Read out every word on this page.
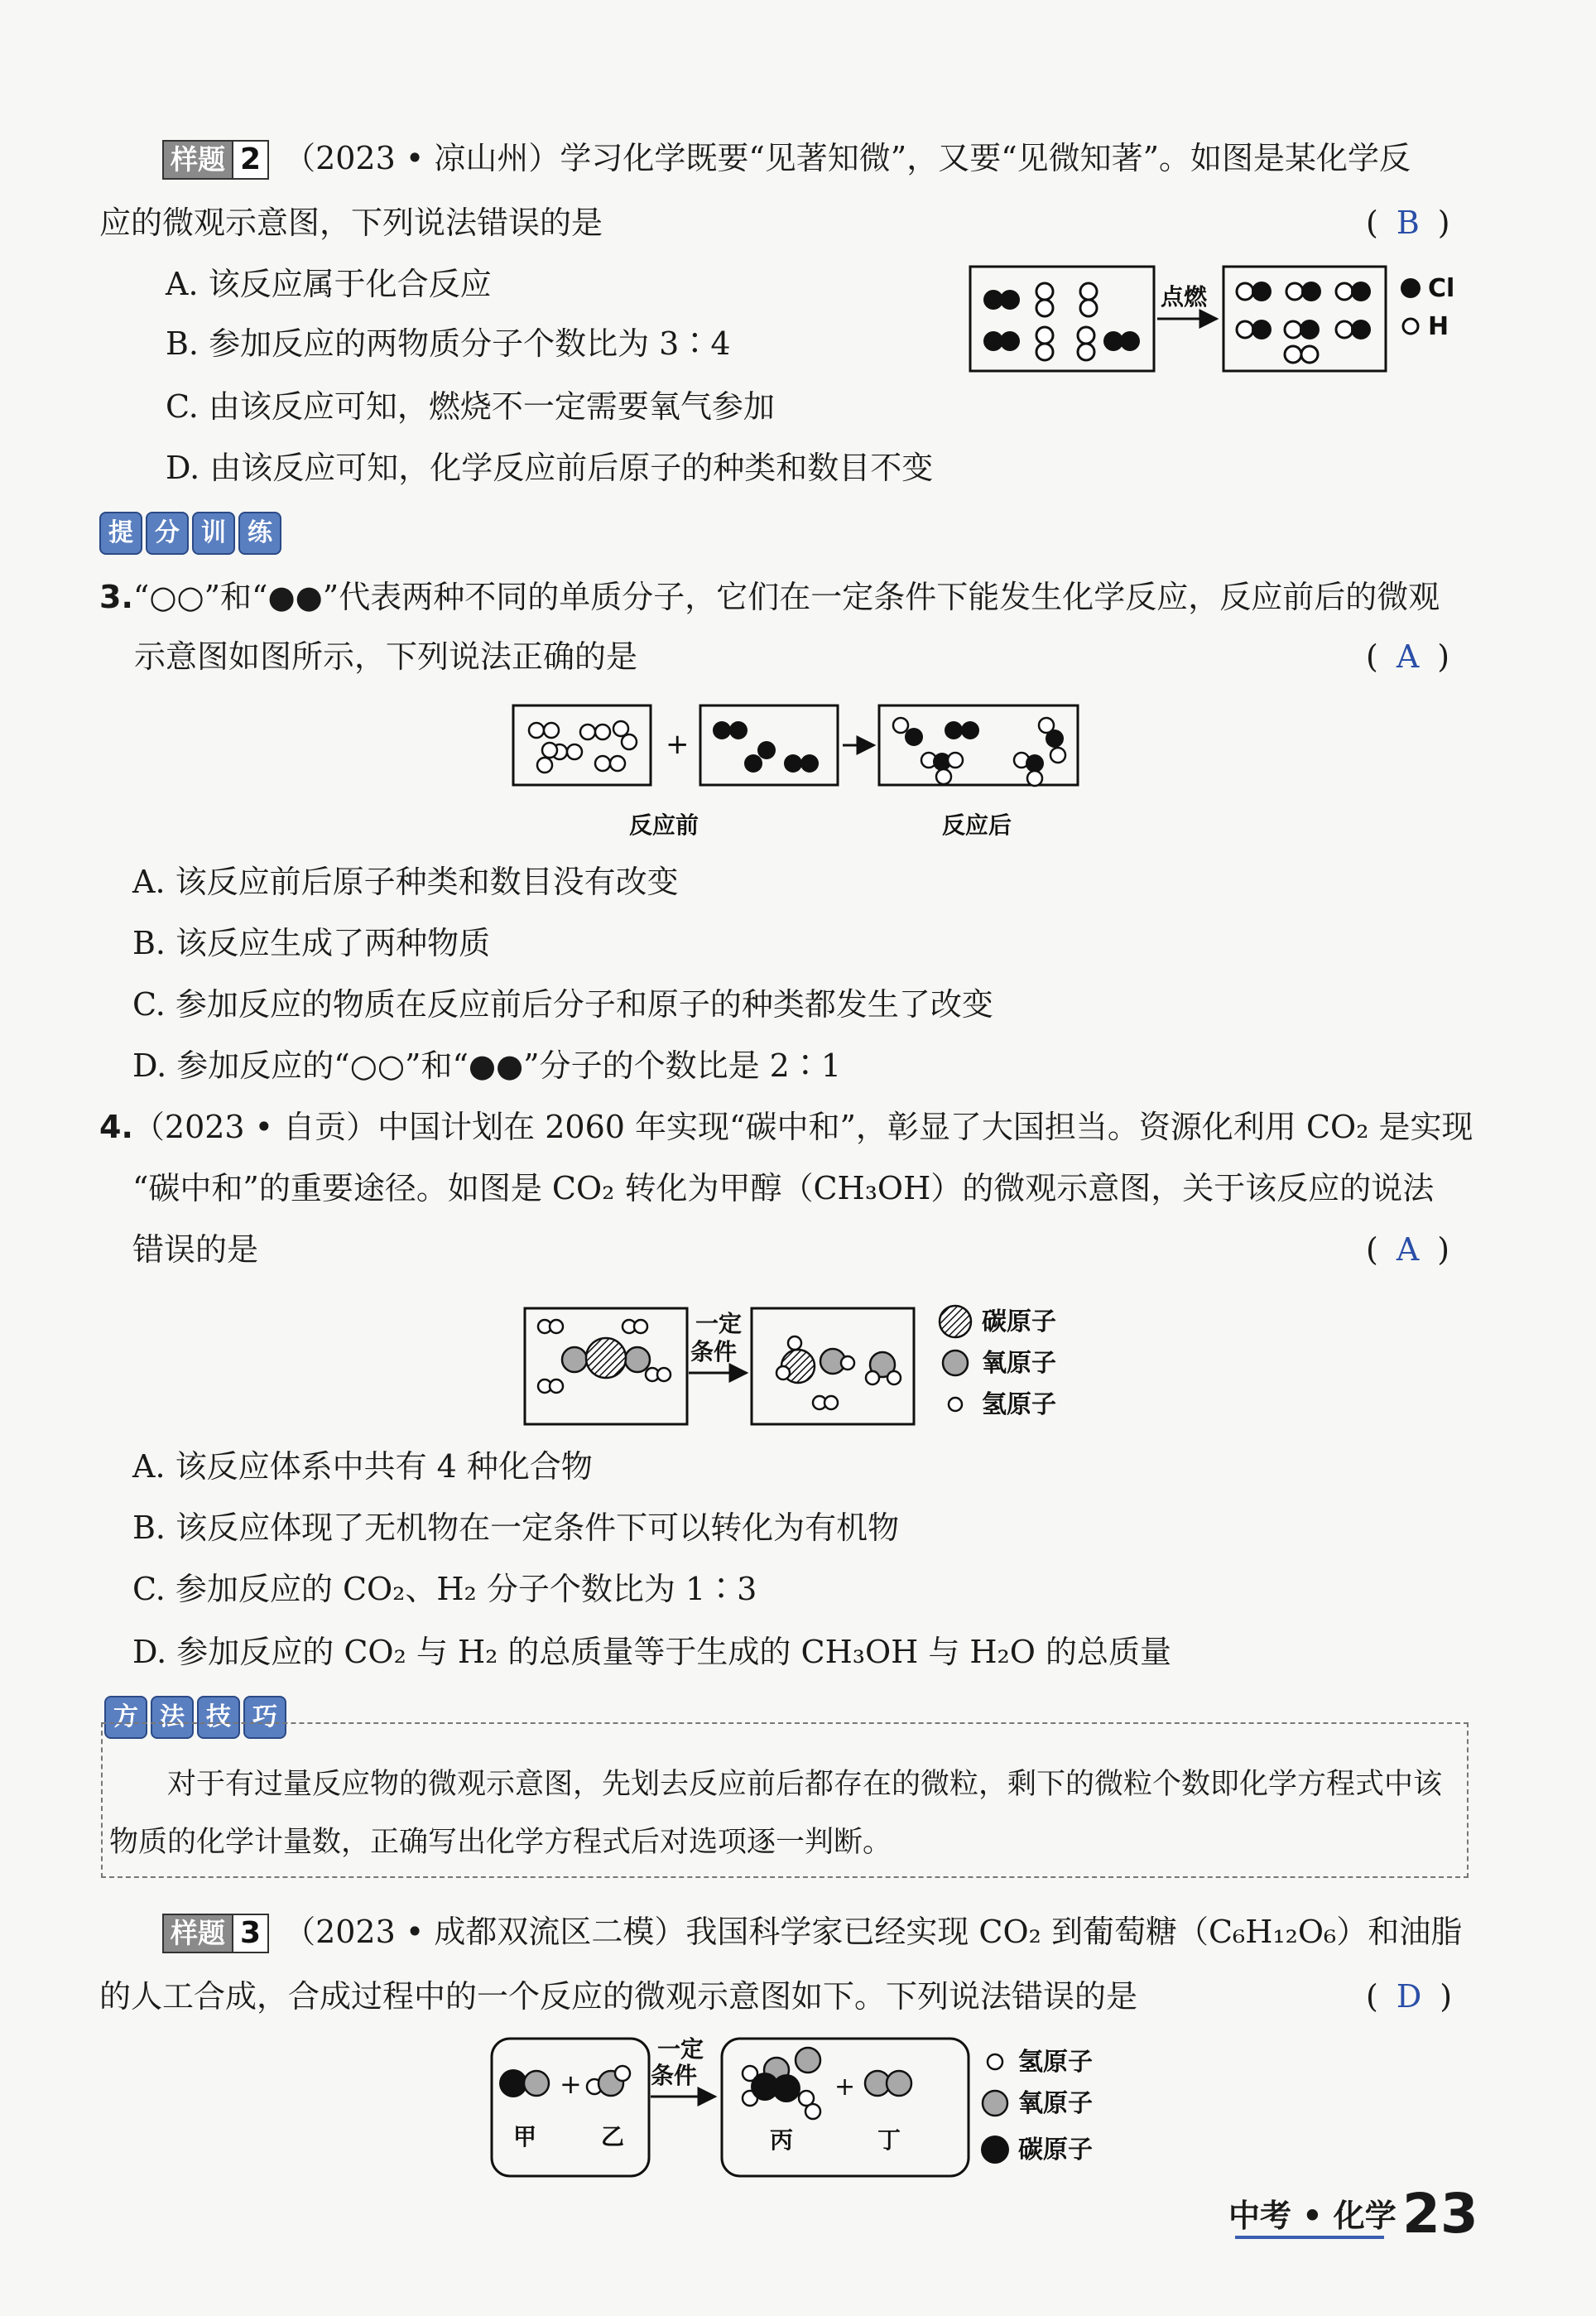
样题 2 （2023 • 凉山州）学习化学既要“见著知微”，又要“见微知著”。如图是某化学反
应的微观示意图，下列说法错误的是	( B )
A. 该反应属于化合反应
B. 参加反应的两物质分子个数比为 3∶4
C. 由该反应可知，燃烧不一定需要氧气参加
D. 由该反应可知，化学反应前后原子的种类和数目不变
点燃	Cl
H
提 分 训 练
3.“○○”和“●●”代表两种不同的单质分子，它们在一定条件下能发生化学反应，反应前后的微观
示意图如图所示，下列说法正确的是	( A )
+
反应前	反应后
A. 该反应前后原子种类和数目没有改变
B. 该反应生成了两种物质
C. 参加反应的物质在反应前后分子和原子的种类都发生了改变
D. 参加反应的“○○”和“●●”分子的个数比是 2∶1
4.（2023 • 自贡）中国计划在 2060 年实现“碳中和”，彰显了大国担当。资源化利用 CO₂ 是实现
“碳中和”的重要途径。如图是 CO₂ 转化为甲醇（CH₃OH）的微观示意图，关于该反应的说法
错误的是	( A )
一定
条件
碳原子
氧原子
氢原子
A. 该反应体系中共有 4 种化合物
B. 该反应体现了无机物在一定条件下可以转化为有机物
C. 参加反应的 CO₂、H₂ 分子个数比为 1∶3
D. 参加反应的 CO₂ 与 H₂ 的总质量等于生成的 CH₃OH 与 H₂O 的总质量
方 法 技 巧
对于有过量反应物的微观示意图，先划去反应前后都存在的微粒，剩下的微粒个数即化学方程式中该物质的化学计量数，正确写出化学方程式后对选项逐一判断。
样题 3 （2023 • 成都双流区二模）我国科学家已经实现 CO₂ 到葡萄糖（C₆H₁₂O₆）和油脂
的人工合成，合成过程中的一个反应的微观示意图如下。下列说法错误的是	( D )
+
甲	乙
一定
条件	+
丙	丁
氢原子
氧原子
碳原子
中考 • 化学 23
